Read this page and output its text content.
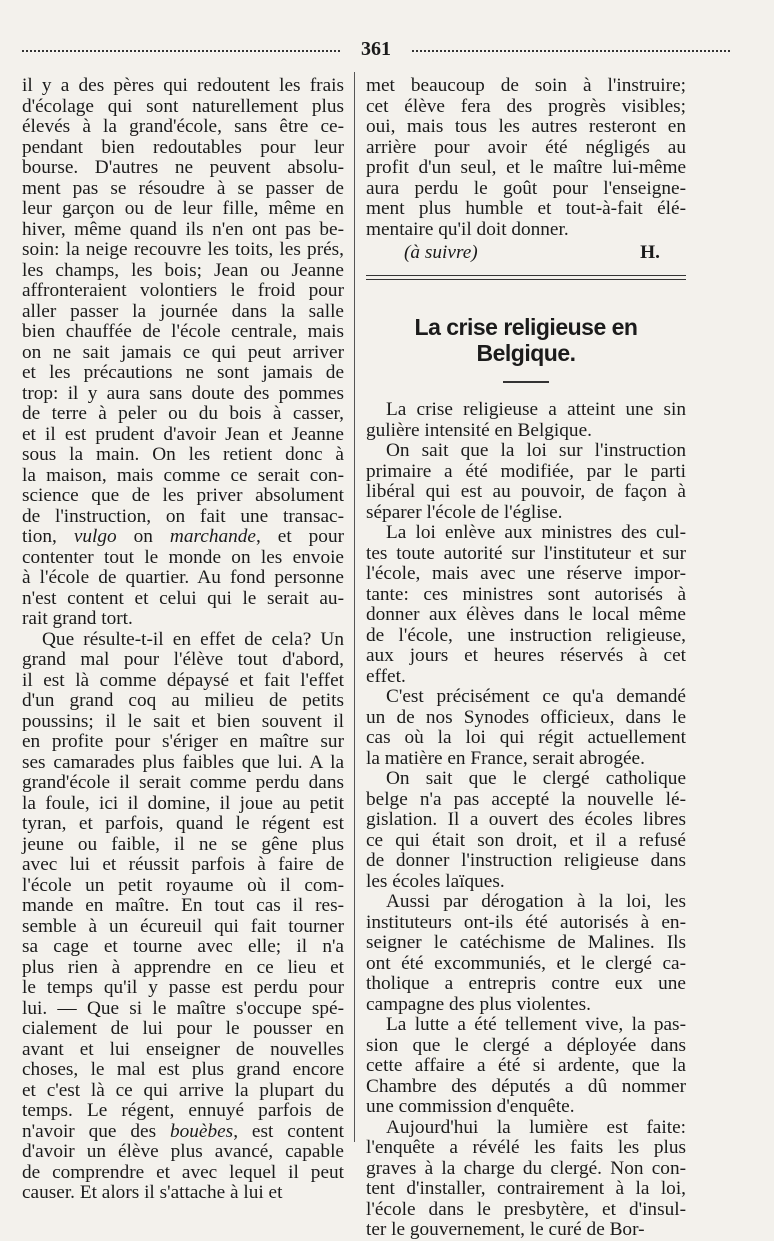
361

il y a des pères qui redoutent les frais

d'écolage qui sont naturellement plus

élevés à la grand'école, sans être ce-

pendant bien redoutables pour leur

bourse. D'autres ne peuvent absolu-

ment pas se résoudre à se passer de

leur garçon ou de leur fille, même en

hiver, même quand ils n'en ont pas be-

soin: la neige recouvre les toits, les prés,

les champs, les bois; Jean ou Jeanne

affronteraient volontiers le froid pour

aller passer la journée dans la salle

bien chauffée de l'école centrale, mais

on ne sait jamais ce qui peut arriver

et les précautions ne sont jamais de

trop: il y aura sans doute des pommes

de terre à peler ou du bois à casser,

et il est prudent d'avoir Jean et Jeanne

sous la main. On les retient donc à

la maison, mais comme ce serait con-

science que de les priver absolument

de l'instruction, on fait une transac-

tion, vulgo on marchande, et pour

contenter tout le monde on les envoie

à l'école de quartier. Au fond personne

n'est content et celui qui le serait au-

rait grand tort.

Que résulte-t-il en effet de cela? Un

grand mal pour l'élève tout d'abord,

il est là comme dépaysé et fait l'effet

d'un grand coq au milieu de petits

poussins; il le sait et bien souvent il

en profite pour s'ériger en maître sur

ses camarades plus faibles que lui. A la

grand'école il serait comme perdu dans

la foule, ici il domine, il joue au petit

tyran, et parfois, quand le régent est

jeune ou faible, il ne se gêne plus

avec lui et réussit parfois à faire de

l'école un petit royaume où il com-

mande en maître. En tout cas il res-

semble à un écureuil qui fait tourner

sa cage et tourne avec elle; il n'a

plus rien à apprendre en ce lieu et

le temps qu'il y passe est perdu pour

lui. — Que si le maître s'occupe spé-

cialement de lui pour le pousser en

avant et lui enseigner de nouvelles

choses, le mal est plus grand encore

et c'est là ce qui arrive la plupart du

temps. Le régent, ennuyé parfois de

n'avoir que des bouèbes, est content

d'avoir un élève plus avancé, capable

de comprendre et avec lequel il peut

causer. Et alors il s'attache à lui et

met beaucoup de soin à l'instruire;

cet élève fera des progrès visibles;

oui, mais tous les autres resteront en

arrière pour avoir été négligés au

profit d'un seul, et le maître lui-même

aura perdu le goût pour l'enseigne-

ment plus humble et tout-à-fait élé-

mentaire qu'il doit donner.

(à suivre)	H.
La crise religieuse en Belgique.

La crise religieuse a atteint une sin

gulière intensité en Belgique.

On sait que la loi sur l'instruction

primaire a été modifiée, par le parti

libéral qui est au pouvoir, de façon à

séparer l'école de l'église.

La loi enlève aux ministres des cul-

tes toute autorité sur l'instituteur et sur

l'école, mais avec une réserve impor-

tante: ces ministres sont autorisés à

donner aux élèves dans le local même

de l'école, une instruction religieuse,

aux jours et heures réservés à cet

effet.

C'est précisément ce qu'a demandé

un de nos Synodes officieux, dans le

cas où la loi qui régit actuellement

la matière en France, serait abrogée.

On sait que le clergé catholique

belge n'a pas accepté la nouvelle lé-

gislation. Il a ouvert des écoles libres

ce qui était son droit, et il a refusé

de donner l'instruction religieuse dans

les écoles laïques.

Aussi par dérogation à la loi, les

instituteurs ont-ils été autorisés à en-

seigner le catéchisme de Malines. Ils

ont été excommuniés, et le clergé ca-

tholique a entrepris contre eux une

campagne des plus violentes.

La lutte a été tellement vive, la pas-

sion que le clergé a déployée dans

cette affaire a été si ardente, que la

Chambre des députés a dû nommer

une commission d'enquête.

Aujourd'hui la lumière est faite:

l'enquête a révélé les faits les plus

graves à la charge du clergé. Non con-

tent d'installer, contrairement à la loi,

l'école dans le presbytère, et d'insul-

ter le gouvernement, le curé de Bor-
